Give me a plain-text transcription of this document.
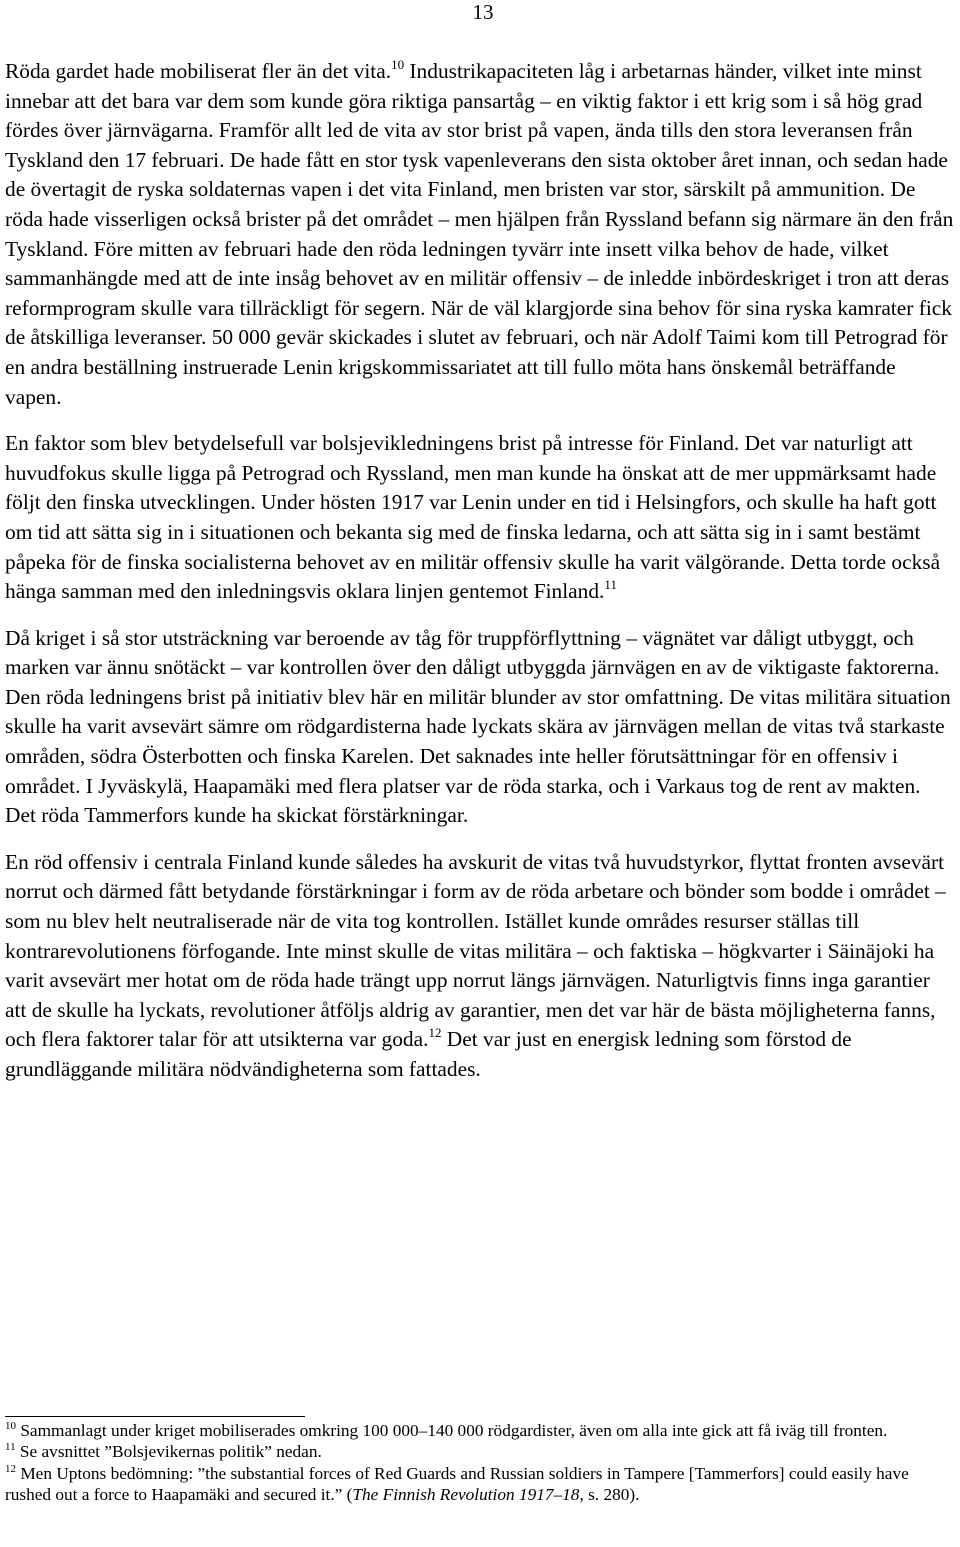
13

Röda gardet hade mobiliserat fler än det vita.$^{10}$ Industrikapaciteten låg i arbetarnas händer, vilket inte minst innebar att det bara var dem som kunde göra riktiga pansartåg – en viktig faktor i ett krig som i så hög grad fördes över järnvägarna. Framför allt led de vita av stor brist på vapen, ända tills den stora leveransen från Tyskland den 17 februari. De hade fått en stor tysk vapenleverans den sista oktober året innan, och sedan hade de övertagit de ryska soldaternas vapen i det vita Finland, men bristen var stor, särskilt på ammunition. De röda hade visserligen också brister på det området – men hjälpen från Ryssland befann sig närmare än den från Tyskland. Före mitten av februari hade den röda ledningen tyvärr inte insett vilka behov de hade, vilket sammanhängde med att de inte insåg behovet av en militär offensiv – de inledde inbördeskriget i tron att deras reformprogram skulle vara tillräckligt för segern. När de väl klargjorde sina behov för sina ryska kamrater fick de åtskilliga leveranser. 50 000 gevär skickades i slutet av februari, och när Adolf Taimi kom till Petrograd för en andra beställning instruerade Lenin krigskommissariatet att till fullo möta hans önskemål beträffande vapen.

En faktor som blev betydelsefull var bolsjevikledningens brist på intresse för Finland. Det var naturligt att huvudfokus skulle ligga på Petrograd och Ryssland, men man kunde ha önskat att de mer uppmärksamt hade följt den finska utvecklingen. Under hösten 1917 var Lenin under en tid i Helsingfors, och skulle ha haft gott om tid att sätta sig in i situationen och bekanta sig med de finska ledarna, och att sätta sig in i samt bestämt påpeka för de finska socialisterna behovet av en militär offensiv skulle ha varit välgörande. Detta torde också hänga samman med den inledningsvis oklara linjen gentemot Finland.$^{11}$

Då kriget i så stor utsträckning var beroende av tåg för truppförflyttning – vägnätet var dåligt utbyggt, och marken var ännu snötäckt – var kontrollen över den dåligt utbyggda järnvägen en av de viktigaste faktorerna. Den röda ledningens brist på initiativ blev här en militär blunder av stor omfattning. De vitas militära situation skulle ha varit avsevärt sämre om rödgardisterna hade lyckats skära av järnvägen mellan de vitas två starkaste områden, södra Österbotten och finska Karelen. Det saknades inte heller förutsättningar för en offensiv i området. I Jyväskylä, Haapamäki med flera platser var de röda starka, och i Varkaus tog de rent av makten. Det röda Tammerfors kunde ha skickat förstärkningar.

En röd offensiv i centrala Finland kunde således ha avskurit de vitas två huvudstyrkor, flyttat fronten avsevärt norrut och därmed fått betydande förstärkningar i form av de röda arbetare och bönder som bodde i området – som nu blev helt neutraliserade när de vita tog kontrollen. Istället kunde områdes resurser ställas till kontrarevolutionens förfogande. Inte minst skulle de vitas militära – och faktiska – högkvarter i Säinäjoki ha varit avsevärt mer hotat om de röda hade trängt upp norrut längs järnvägen. Naturligtvis finns inga garantier att de skulle ha lyckats, revolutioner åtföljs aldrig av garantier, men det var här de bästa möjligheterna fanns, och flera faktorer talar för att utsikterna var goda.$^{12}$ Det var just en energisk ledning som förstod de grundläggande militära nödvändigheterna som fattades.

$^{10}$ Sammanlagt under kriget mobiliserades omkring 100 000–140 000 rödgardister, även om alla inte gick att få iväg till fronten.

$^{11}$ Se avsnittet ”Bolsjevikernas politik” nedan.

$^{12}$ Men Uptons bedömning: ”the substantial forces of Red Guards and Russian soldiers in Tampere [Tammerfors] could easily have rushed out a force to Haapamäki and secured it.” (The Finnish Revolution 1917–18, s. 280).
